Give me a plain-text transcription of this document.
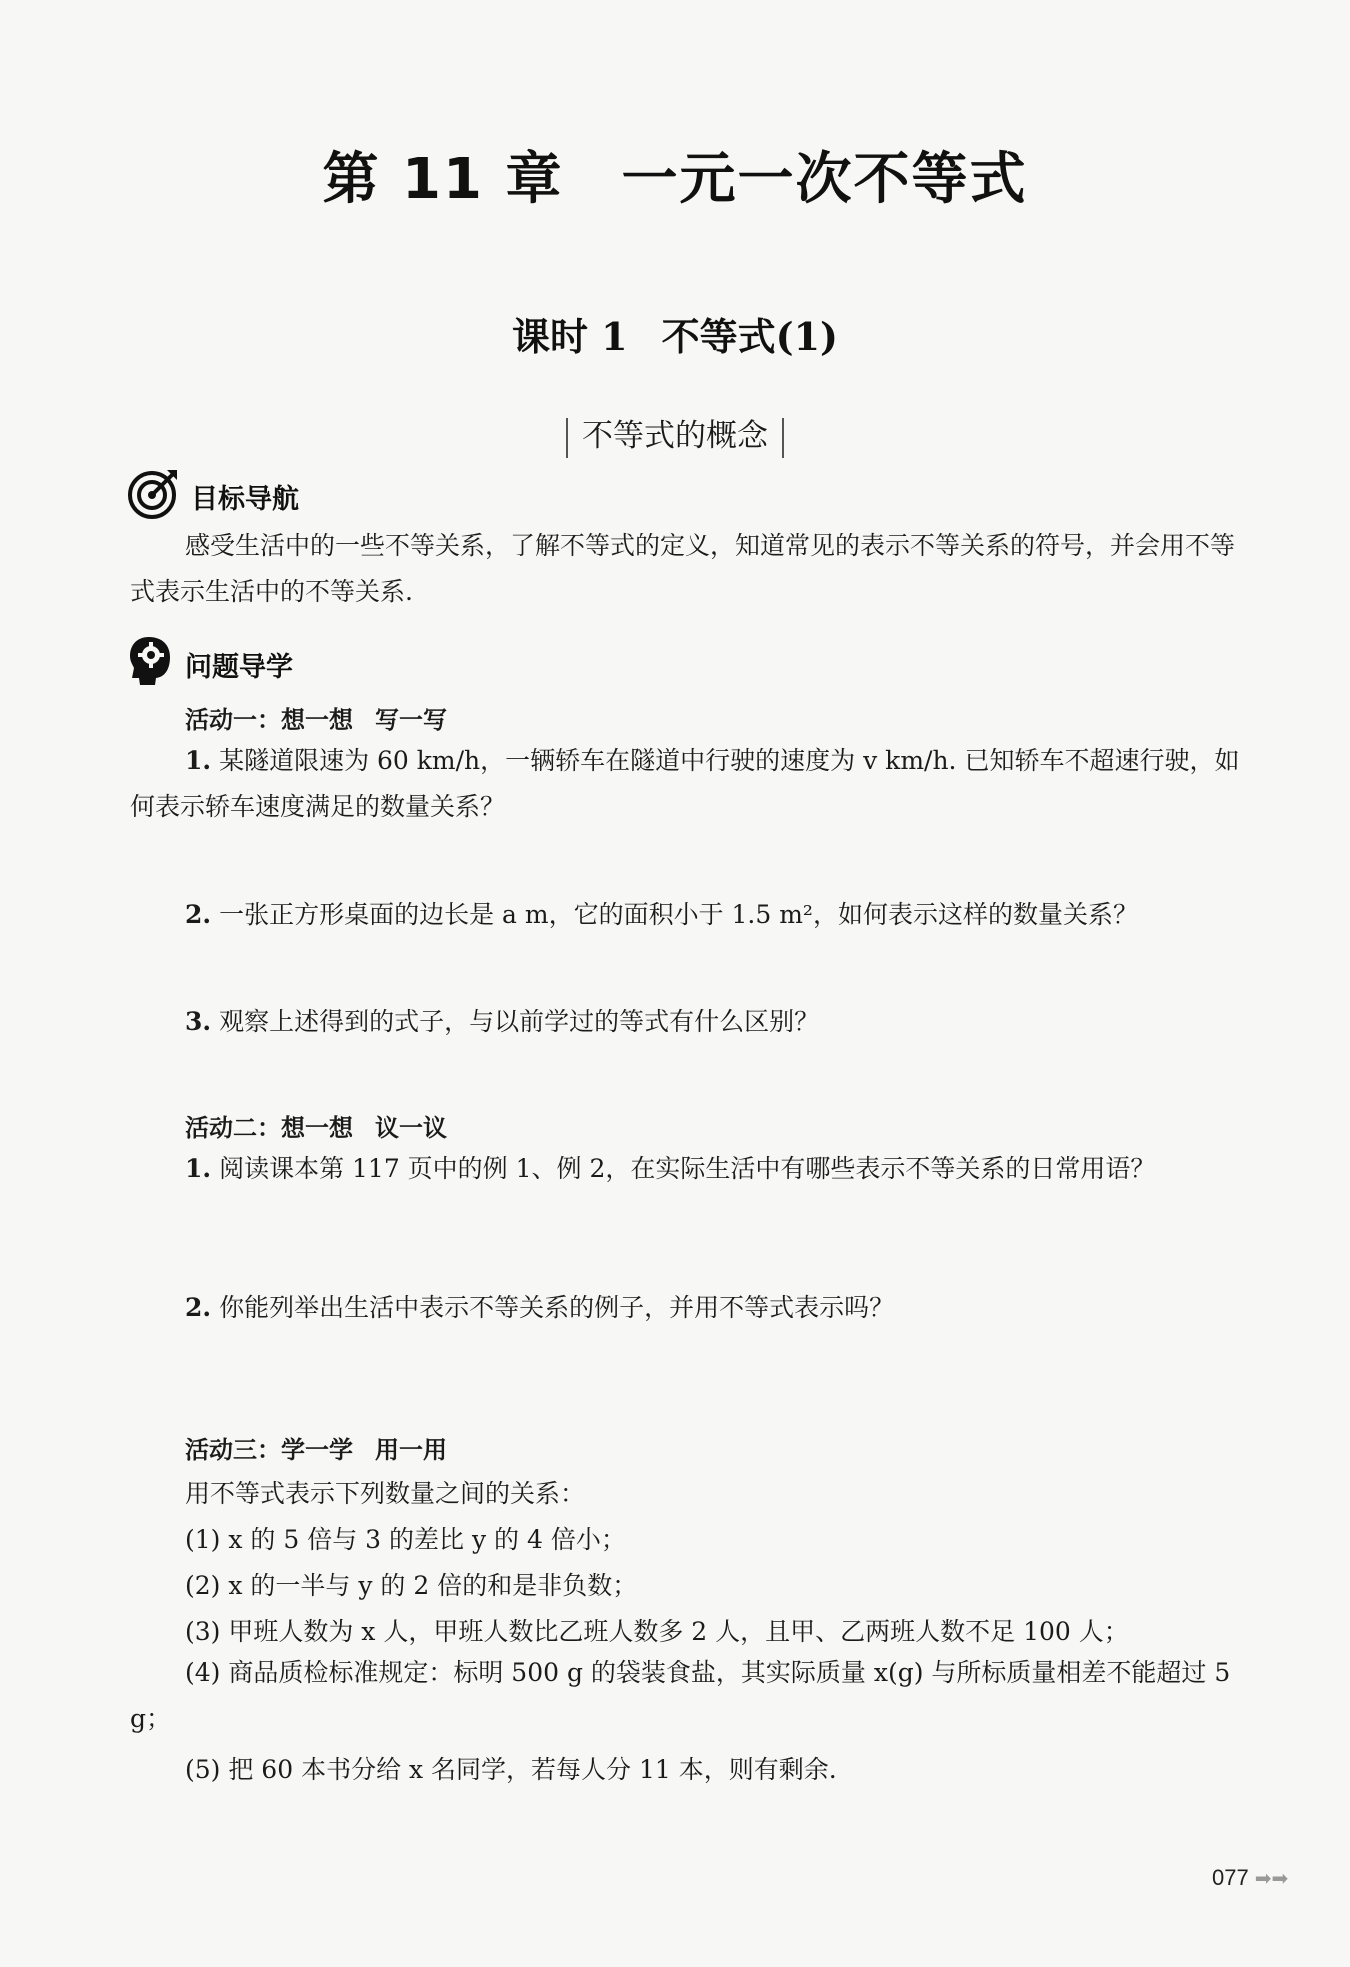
第 11 章 一元一次不等式
课时 1 不等式(1)
不等式的概念
目标导航
感受生活中的一些不等关系，了解不等式的定义，知道常见的表示不等关系的符号，并会用不等式表示生活中的不等关系.
问题导学
活动一：想一想 写一写
1. 某隧道限速为 60 km/h，一辆轿车在隧道中行驶的速度为 v km/h. 已知轿车不超速行驶，如何表示轿车速度满足的数量关系？
2. 一张正方形桌面的边长是 a m，它的面积小于 1.5 m²，如何表示这样的数量关系？
3. 观察上述得到的式子，与以前学过的等式有什么区别？
活动二：想一想 议一议
1. 阅读课本第 117 页中的例 1、例 2，在实际生活中有哪些表示不等关系的日常用语？
2. 你能列举出生活中表示不等关系的例子，并用不等式表示吗？
活动三：学一学 用一用
用不等式表示下列数量之间的关系：
(1) x 的 5 倍与 3 的差比 y 的 4 倍小；
(2) x 的一半与 y 的 2 倍的和是非负数；
(3) 甲班人数为 x 人，甲班人数比乙班人数多 2 人，且甲、乙两班人数不足 100 人；
(4) 商品质检标准规定：标明 500 g 的袋装食盐，其实际质量 x(g) 与所标质量相差不能超过 5 g；
(5) 把 60 本书分给 x 名同学，若每人分 11 本，则有剩余.
077 ➡➡
